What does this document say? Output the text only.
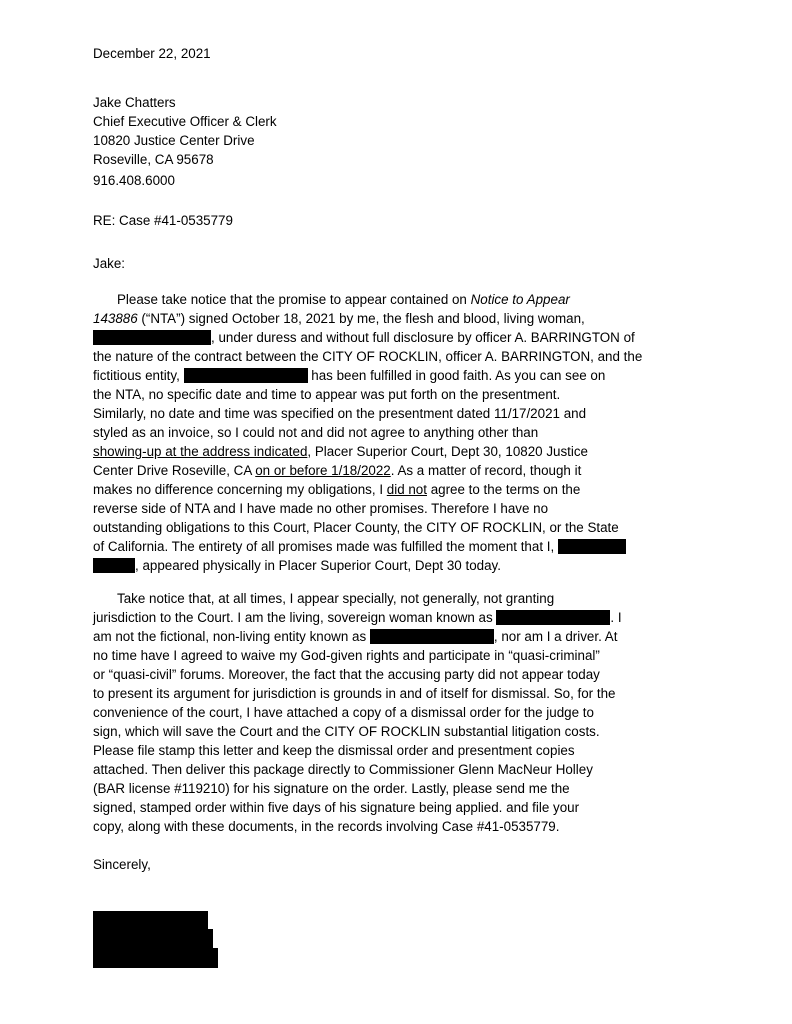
December 22, 2021
Jake Chatters
Chief Executive Officer & Clerk
10820 Justice Center Drive
Roseville, CA 95678
916.408.6000
RE: Case #41-0535779
Jake:
Please take notice that the promise to appear contained on Notice to Appear
143886 (“NTA”) signed October 18, 2021 by me, the flesh and blood, living woman,
, under duress and without full disclosure by officer A. BARRINGTON of
the nature of the contract between the CITY OF ROCKLIN, officer A. BARRINGTON, and the
fictitious entity,	has been fulfilled in good faith. As you can see on
the NTA, no specific date and time to appear was put forth on the presentment.
Similarly, no date and time was specified on the presentment dated 11/17/2021 and
styled as an invoice, so I could not and did not agree to anything other than
showing-up at the address indicated, Placer Superior Court, Dept 30, 10820 Justice
Center Drive Roseville, CA on or before 1/18/2022. As a matter of record, though it
makes no difference concerning my obligations, I did not agree to the terms on the
reverse side of NTA and I have made no other promises. Therefore I have no
outstanding obligations to this Court, Placer County, the CITY OF ROCKLIN, or the State
of California. The entirety of all promises made was fulfilled the moment that I,
, appeared physically in Placer Superior Court, Dept 30 today.
Take notice that, at all times, I appear specially, not generally, not granting
jurisdiction to the Court. I am the living, sovereign woman known as	. I
am not the fictional, non-living entity known as	, nor am I a driver. At
no time have I agreed to waive my God-given rights and participate in “quasi-criminal”
or “quasi-civil” forums. Moreover, the fact that the accusing party did not appear today
to present its argument for jurisdiction is grounds in and of itself for dismissal. So, for the
convenience of the court, I have attached a copy of a dismissal order for the judge to
sign, which will save the Court and the CITY OF ROCKLIN substantial litigation costs.
Please file stamp this letter and keep the dismissal order and presentment copies
attached. Then deliver this package directly to Commissioner Glenn MacNeur Holley
(BAR license #119210) for his signature on the order. Lastly, please send me the
signed, stamped order within five days of his signature being applied. and file your
copy, along with these documents, in the records involving Case #41-0535779.
Sincerely,
